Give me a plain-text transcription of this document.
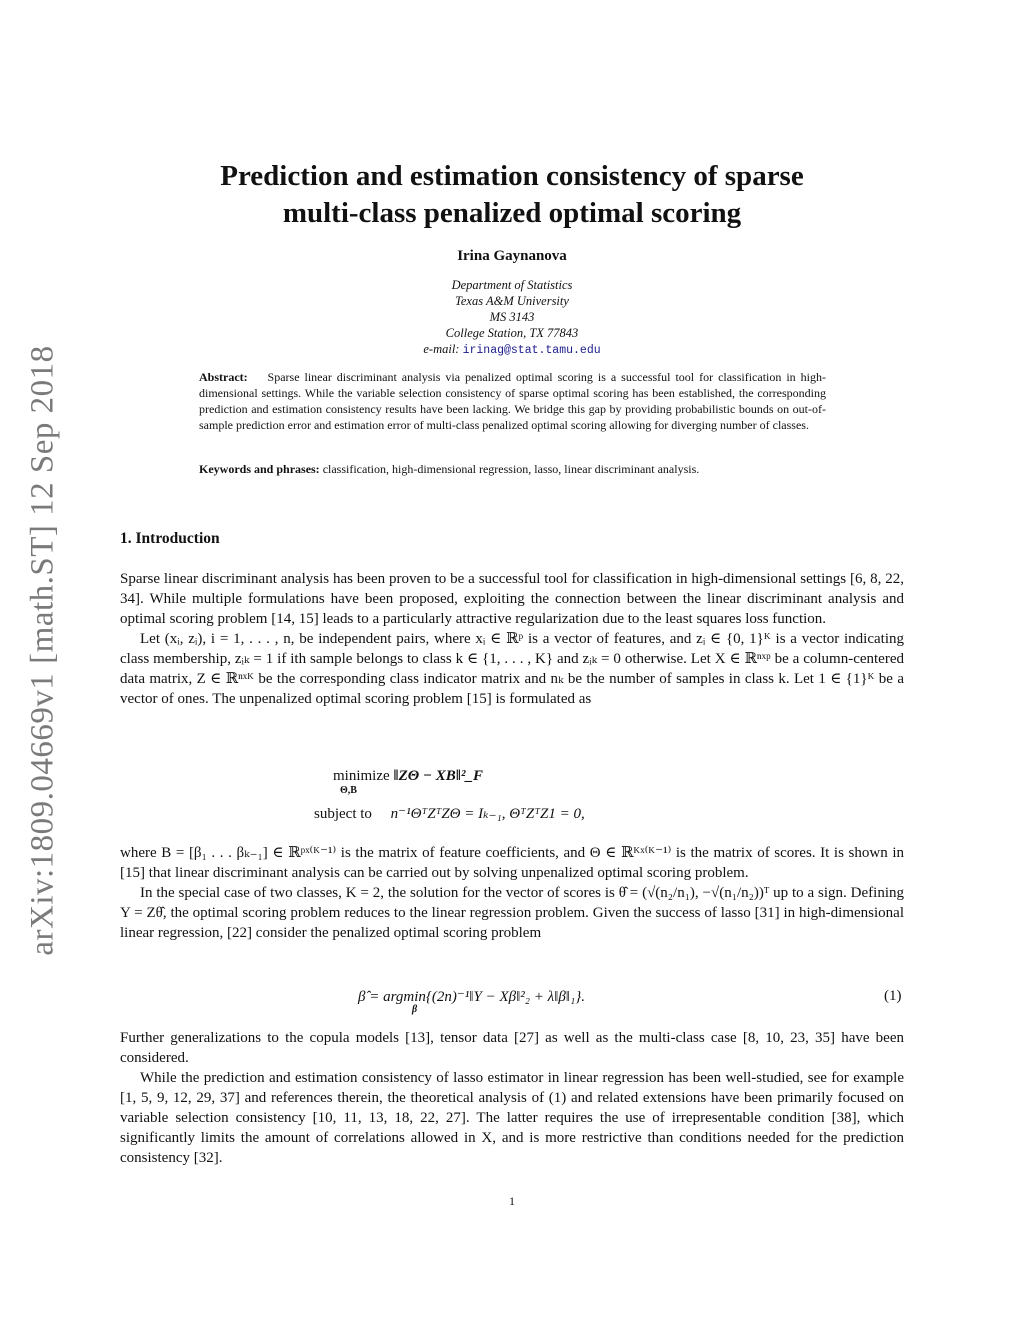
arXiv:1809.04669v1 [math.ST] 12 Sep 2018
Prediction and estimation consistency of sparse
multi-class penalized optimal scoring
Irina Gaynanova
Department of Statistics
Texas A&M University
MS 3143
College Station, TX 77843
e-mail: irinag@stat.tamu.edu
Abstract: Sparse linear discriminant analysis via penalized optimal scoring is a successful tool for classification in high-dimensional settings. While the variable selection consistency of sparse optimal scoring has been established, the corresponding prediction and estimation consistency results have been lacking. We bridge this gap by providing probabilistic bounds on out-of-sample prediction error and estimation error of multi-class penalized optimal scoring allowing for diverging number of classes.
Keywords and phrases: classification, high-dimensional regression, lasso, linear discriminant analysis.
1. Introduction

Sparse linear discriminant analysis has been proven to be a successful tool for classification in high-dimensional settings [6, 8, 22, 34]. While multiple formulations have been proposed, exploiting the connection between the linear discriminant analysis and optimal scoring problem [14, 15] leads to a particularly attractive regularization due to the least squares loss function.

Let (xᵢ, zᵢ), i = 1, . . . , n, be independent pairs, where xᵢ ∈ ℝᵖ is a vector of features, and zᵢ ∈ {0, 1}ᴷ is a vector indicating class membership, zᵢₖ = 1 if ith sample belongs to class k ∈ {1, . . . , K} and zᵢₖ = 0 otherwise. Let X ∈ ℝⁿˣᵖ be a column-centered data matrix, Z ∈ ℝⁿˣᴷ be the corresponding class indicator matrix and nₖ be the number of samples in class k. Let 1 ∈ {1}ᴷ be a vector of ones. The unpenalized optimal scoring problem [15] is formulated as

minimize ‖ZΘ − XB‖²_F
Θ,B
subject to n⁻¹ΘᵀZᵀZΘ = Iₖ₋₁, ΘᵀZᵀZ1 = 0,

where B = [β₁ . . . βₖ₋₁] ∈ ℝᵖˣ⁽ᴷ⁻¹⁾ is the matrix of feature coefficients, and Θ ∈ ℝᴷˣ⁽ᴷ⁻¹⁾ is the matrix of scores. It is shown in [15] that linear discriminant analysis can be carried out by solving unpenalized optimal scoring problem.

In the special case of two classes, K = 2, the solution for the vector of scores is θ̂ = (√(n₂/n₁), −√(n₁/n₂))ᵀ up to a sign. Defining Y = Zθ̂, the optimal scoring problem reduces to the linear regression problem. Given the success of lasso [31] in high-dimensional linear regression, [22] consider the penalized optimal scoring problem

β̂ = argmin{(2n)⁻¹‖Y − Xβ‖²₂ + λ‖β‖₁}.
β
(1)

Further generalizations to the copula models [13], tensor data [27] as well as the multi-class case [8, 10, 23, 35] have been considered.

While the prediction and estimation consistency of lasso estimator in linear regression has been well-studied, see for example [1, 5, 9, 12, 29, 37] and references therein, the theoretical analysis of (1) and related extensions have been primarily focused on variable selection consistency [10, 11, 13, 18, 22, 27]. The latter requires the use of irrepresentable condition [38], which significantly limits the amount of correlations allowed in X, and is more restrictive than conditions needed for the prediction consistency [32].

1
